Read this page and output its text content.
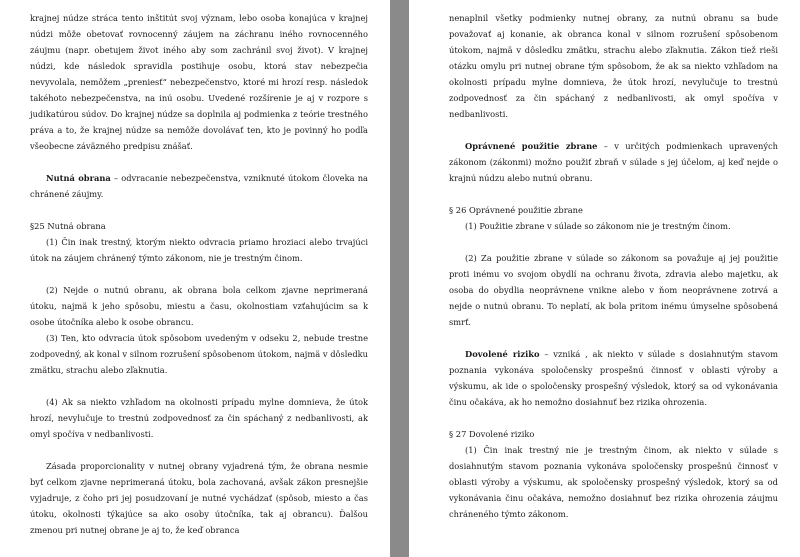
krajnej núdze stráca tento inštitút svoj význam, lebo osoba konajúca v krajnej núdzi môže obetovať rovnocenný záujem na záchranu iného rovnocenného záujmu (napr. obetujem život iného aby som zachránil svoj život). V krajnej núdzi, kde následok spravidla postihuje osobu, ktorá stav nebezpečia nevyvolala, nemôžem „preniesť“ nebezpečenstvo, ktoré mi hrozí resp. následok takéhoto nebezpečenstva, na inú osobu. Uvedené rozšírenie je aj v rozpore s judikatúrou súdov. Do krajnej núdze sa doplnila aj podmienka z teórie trestného práva a to, že krajnej núdze sa nemôže dovolávať ten, kto je povinný ho podľa všeobecne záväzného predpisu znášať.

Nutná obrana – odvracanie nebezpečenstva, vzniknuté útokom človeka na chránené záujmy.

§25 Nutná obrana

(1) Čin inak trestný, ktorým niekto odvracia priamo hroziaci alebo trvajúci útok na záujem chránený týmto zákonom, nie je trestným činom.

(2) Nejde o nutnú obranu, ak obrana bola celkom zjavne neprimeraná útoku, najmä k jeho spôsobu, miestu a času, okolnostiam vzťahujúcim sa k osobe útočníka alebo k osobe obrancu.

(3) Ten, kto odvracia útok spôsobom uvedeným v odseku 2, nebude trestne zodpovedný, ak konal v silnom rozrušení spôsobenom útokom, najmä v dôsledku zmätku, strachu alebo zľaknutia.

(4) Ak sa niekto vzhľadom na okolnosti prípadu mylne domnieva, že útok hrozí, nevylučuje to trestnú zodpovednosť za čin spáchaný z nedbanlivosti, ak omyl spočíva v nedbanlivosti.

Zásada proporcionality v nutnej obrany vyjadrená tým, že obrana nesmie byť celkom zjavne neprimeraná útoku, bola zachovaná, avšak zákon presnejšie vyjadruje, z čoho pri jej posudzovaní je nutné vychádzať (spôsob, miesto a čas útoku, okolnosti týkajúce sa ako osoby útočníka, tak aj obrancu). Ďalšou zmenou pri nutnej obrane je aj to, že keď obranca

nenaplnil všetky podmienky nutnej obrany, za nutnú obranu sa bude považovať aj konanie, ak obranca konal v silnom rozrušení spôsobenom útokom, najmä v dôsledku zmätku, strachu alebo zľaknutia. Zákon tiež rieši otázku omylu pri nutnej obrane tým spôsobom, že ak sa niekto vzhľadom na okolnosti prípadu mylne domnieva, že útok hrozí, nevylučuje to trestnú zodpovednosť za čin spáchaný z nedbanlivosti, ak omyl spočíva v nedbanlivosti.

Oprávnené použitie zbrane – v určitých podmienkach upravených zákonom (zákonmi) možno použiť zbraň v súlade s jej účelom, aj keď nejde o krajnú núdzu alebo nutnú obranu.

§ 26 Oprávnené použitie zbrane

(1) Použitie zbrane v súlade so zákonom nie je trestným činom.

(2) Za použitie zbrane v súlade so zákonom sa považuje aj jej použitie proti inému vo svojom obydlí na ochranu života, zdravia alebo majetku, ak osoba do obydlia neoprávnene vnikne alebo v ňom neoprávnene zotrvá a nejde o nutnú obranu. To neplatí, ak bola pritom inému úmyselne spôsobená smrť.

Dovolené riziko – vzniká , ak niekto v súlade s dosiahnutým stavom poznania vykonáva spoločensky prospešnú činnosť v oblasti výroby a výskumu, ak ide o spoločensky prospešný výsledok, ktorý sa od vykonávania činu očakáva, ak ho nemožno dosiahnuť bez rizika ohrozenia.

§ 27 Dovolené riziko

(1) Čin inak trestný nie je trestným činom, ak niekto v súlade s dosiahnutým stavom poznania vykonáva spoločensky prospešnú činnosť v oblasti výroby a výskumu, ak spoločensky prospešný výsledok, ktorý sa od vykonávania činu očakáva, nemožno dosiahnuť bez rizika ohrozenia záujmu chráneného týmto zákonom.
